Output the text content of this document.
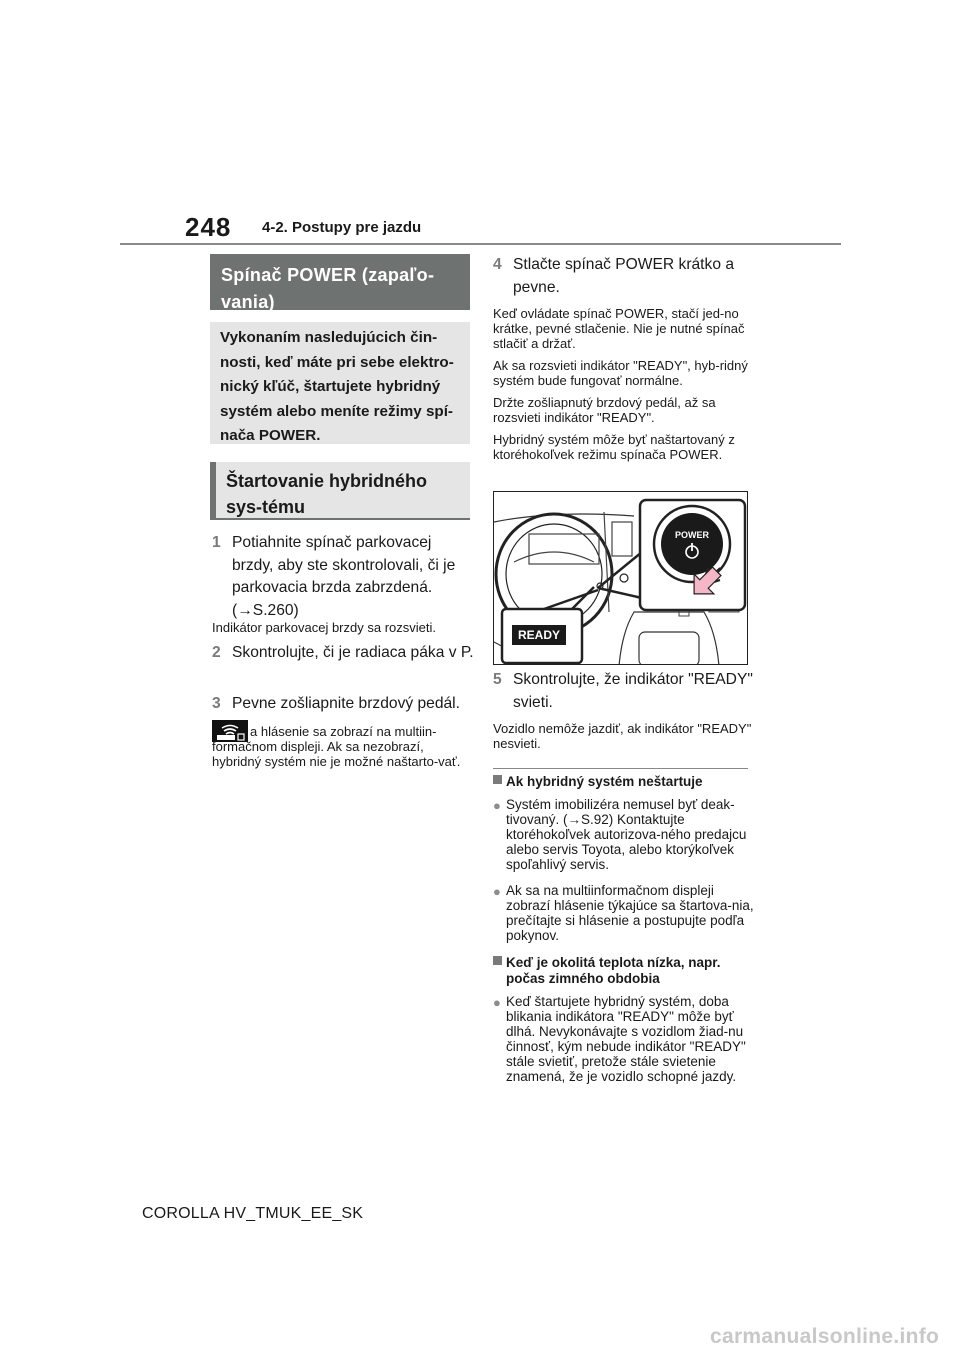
248 4-2. Postupy pre jazdu
Spínač POWER (zapaľo-vania)
Vykonaním nasledujúcich čin-nosti, keď máte pri sebe elektro-nický kľúč, štartujete hybridný systém alebo meníte režimy spí-nača POWER.
Štartovanie hybridného sys-tému
1 Potiahnite spínač parkovacej brzdy, aby ste skontrolovali, či je parkovacia brzda zabrzdená. (→S.260)
Indikátor parkovacej brzdy sa rozsvieti.
2 Skontrolujte, či je radiaca páka v P.
3 Pevne zošliapnite brzdový pedál.
a hlásenie sa zobrazí na multiin-formačnom displeji. Ak sa nezobrazí, hybridný systém nie je možné naštarto-vať.
4 Stlačte spínač POWER krátko a pevne.
Keď ovládate spínač POWER, stačí jed-no krátke, pevné stlačenie. Nie je nutné spínač stlačiť a držať.
Ak sa rozsvieti indikátor "READY", hyb-ridný systém bude fungovať normálne.
Držte zošliapnutý brzdový pedál, až sa rozsvieti indikátor "READY".
Hybridný systém môže byť naštartovaný z ktoréhokoľvek režimu spínača POWER.
POWER
READY
5 Skontrolujte, že indikátor "READY" svieti.
Vozidlo nemôže jazdiť, ak indikátor "READY" nesvieti.
Ak hybridný systém neštartuje
● Systém imobilizéra nemusel byť deak-tivovaný. (→S.92) Kontaktujte ktoréhokoľvek autorizova-ného predajcu alebo servis Toyota, alebo ktorýkoľvek spoľahlivý servis.
● Ak sa na multiinformačnom displeji zobrazí hlásenie týkajúce sa štartova-nia, prečítajte si hlásenie a postupujte podľa pokynov.
Keď je okolitá teplota nízka, napr. počas zimného obdobia
● Keď štartujete hybridný systém, doba blikania indikátora "READY" môže byť dlhá. Nevykonávajte s vozidlom žiad-nu činnosť, kým nebude indikátor "READY" stále svietiť, pretože stále svietenie znamená, že je vozidlo schopné jazdy.
COROLLA HV_TMUK_EE_SK
carmanualsonline.info
